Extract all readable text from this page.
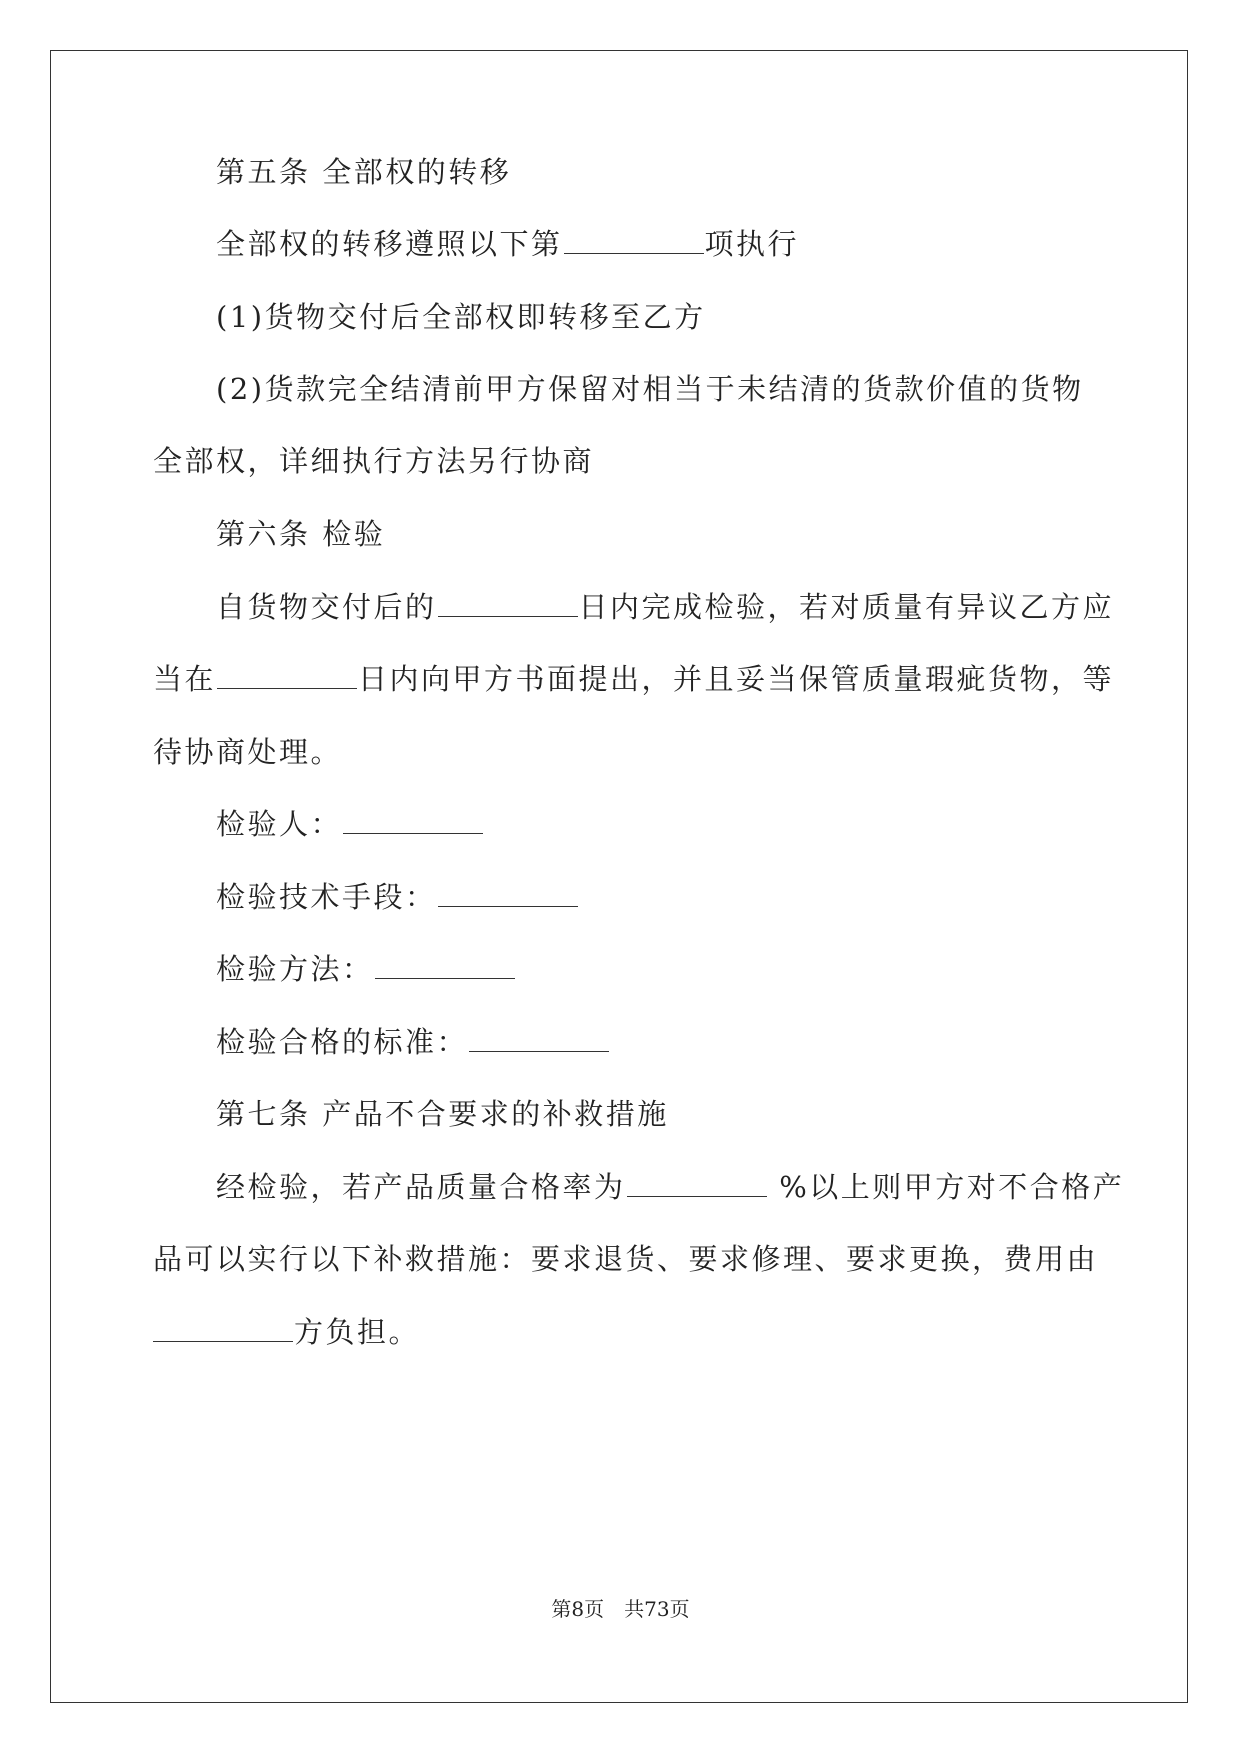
第五条 全部权的转移
全部权的转移遵照以下第	项执行
(1)货物交付后全部权即转移至乙方
(2)货款完全结清前甲方保留对相当于未结清的货款价值的货物
全部权，详细执行方法另行协商
第六条 检验
自货物交付后的	日内完成检验，若对质量有异议乙方应
当在	日内向甲方书面提出，并且妥当保管质量瑕疵货物，等
待协商处理。
检验人：
检验技术手段：
检验方法：
检验合格的标准：
第七条 产品不合要求的补救措施
经检验，若产品质量合格率为	%以上则甲方对不合格产
品可以实行以下补救措施：要求退货、要求修理、要求更换，费用由
方负担。
第8页 共73页
